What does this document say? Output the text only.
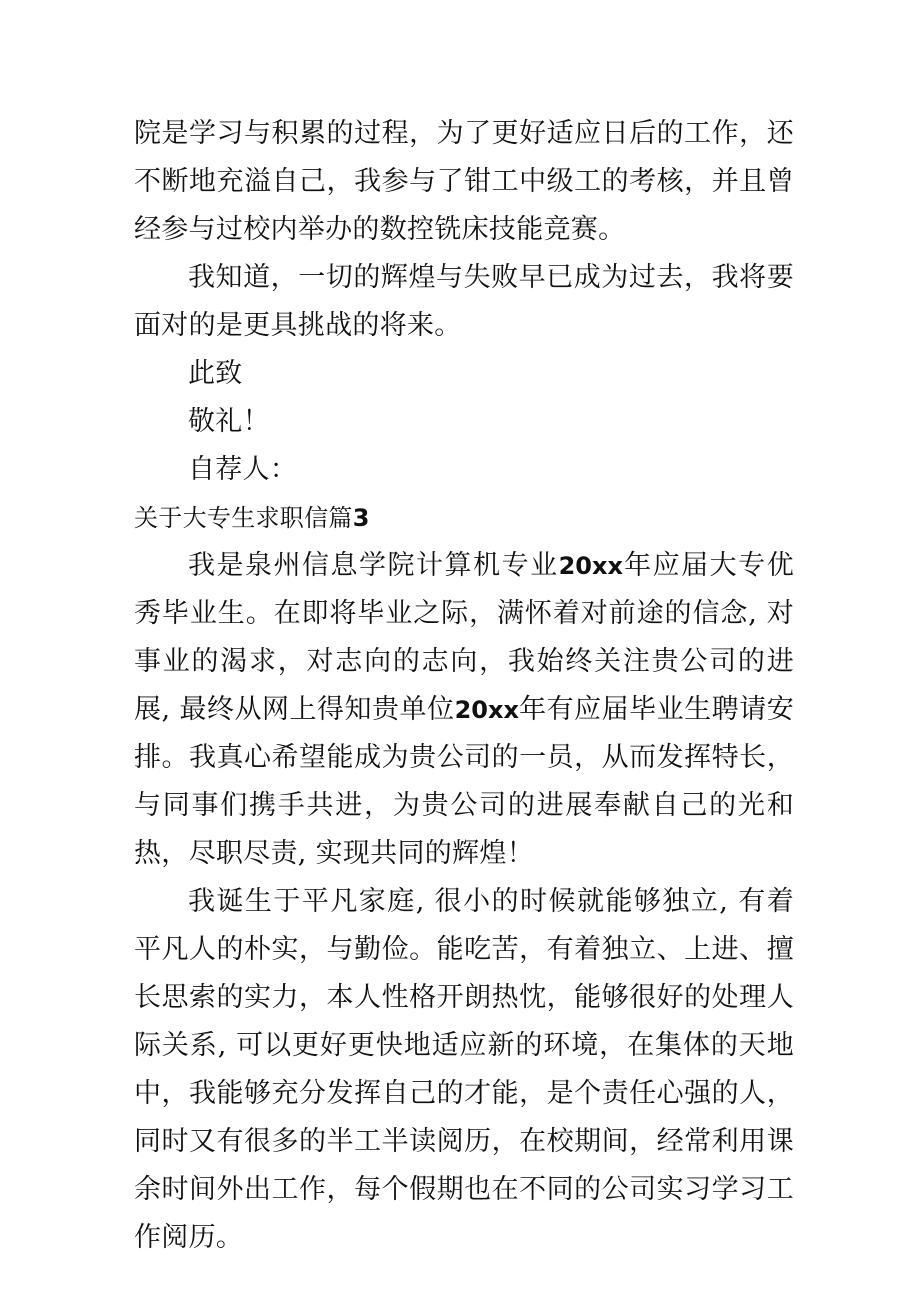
院是学习与积累的过程，为了更好适应日后的工作，还不断地充溢自己，我参与了钳工中级工的考核，并且曾经参与过校内举办的数控铣床技能竞赛。

我知道，一切的辉煌与失败早已成为过去，我将要面对的是更具挑战的将来。

此致

敬礼！

自荐人：

关于大专生求职信篇3

我是泉州信息学院计算机专业20xx年应届大专优秀毕业生。在即将毕业之际，满怀着对前途的信念, 对事业的渴求，对志向的志向，我始终关注贵公司的进展, 最终从网上得知贵单位20xx年有应届毕业生聘请安排。我真心希望能成为贵公司的一员，从而发挥特长，与同事们携手共进，为贵公司的进展奉献自己的光和热，尽职尽责, 实现共同的辉煌！

我诞生于平凡家庭, 很小的时候就能够独立, 有着平凡人的朴实，与勤俭。能吃苦，有着独立、上进、擅长思索的实力，本人性格开朗热忱，能够很好的处理人际关系, 可以更好更快地适应新的环境，在集体的天地中，我能够充分发挥自己的才能，是个责任心强的人，同时又有很多的半工半读阅历，在校期间，经常利用课余时间外出工作，每个假期也在不同的公司实习学习工作阅历。
